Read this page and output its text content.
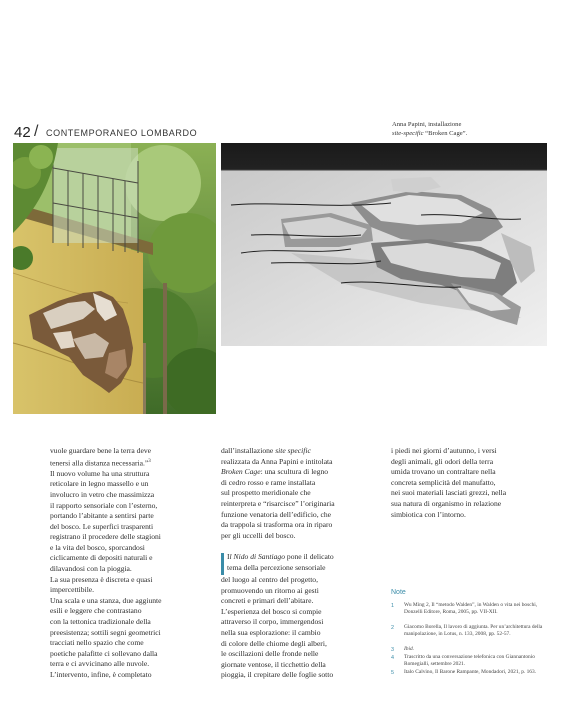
42 / CONTEMPORANEO LOMBARDO
Anna Papini, installazione
site-specific “Broken Cage”.

vuole guardare bene la terra deve

tenersi alla distanza necessaria.”$^3$

Il nuovo volume ha una struttura

reticolare in legno massello e un

involucro in vetro che massimizza

il rapporto sensoriale con l’esterno,

portando l’abitante a sentirsi parte

del bosco. Le superfici trasparenti

registrano il procedere delle stagioni

e la vita del bosco, sporcandosi

ciclicamente di depositi naturali e

dilavandosi con la pioggia.

La sua presenza è discreta e quasi

impercettibile.

Una scala e una stanza, due aggiunte

esili e leggere che contrastano

con la tettonica tradizionale della

preesistenza; sottili segni geometrici

tracciati nello spazio che come

poetiche palafitte ci sollevano dalla

terra e ci avvicinano alle nuvole.

L’intervento, infine, è completato

dall’installazione site specific

realizzata da Anna Papini e intitolata

Broken Cage: una scultura di legno

di cedro rosso e rame installata

sul prospetto meridionale che

reinterpreta e “risarcisce” l’originaria

funzione venatoria dell’edificio, che

da trappola si trasforma ora in riparo

per gli uccelli del bosco.

Il Nido di Santiago pone il delicato

tema della percezione sensoriale

del luogo al centro del progetto,

promuovendo un ritorno ai gesti

concreti e primari dell’abitare.

L’esperienza del bosco si compie

attraverso il corpo, immergendosi

nella sua esplorazione: il cambio

di colore delle chiome degli alberi,

le oscillazioni delle fronde nelle

giornate ventose, il ticchettio della

pioggia, il crepitare delle foglie sotto

i piedi nei giorni d’autunno, i versi

degli animali, gli odori della terra

umida trovano un contraltare nella

concreta semplicità del manufatto,

nei suoi materiali lasciati grezzi, nella

sua natura di organismo in relazione

simbiotica con l’intorno.

Note
1 Wu Ming 2, Il “metodo Walden”, in Walden o vita nei boschi, Donzelli Editore, Roma, 2005, pp. VII-XII.
2 Giacomo Borella, Il lavoro di aggiunta. Per un’architettura della manipolazione, in Lotus, n. 133, 2008, pp. 52-57.
3 Ibid.
4 Trascritto da una conversazione telefonica con Giannantonio Romegialli, settembre 2021.
5 Italo Calvino, Il Barone Rampante, Mondadori, 2021, p. 163.
